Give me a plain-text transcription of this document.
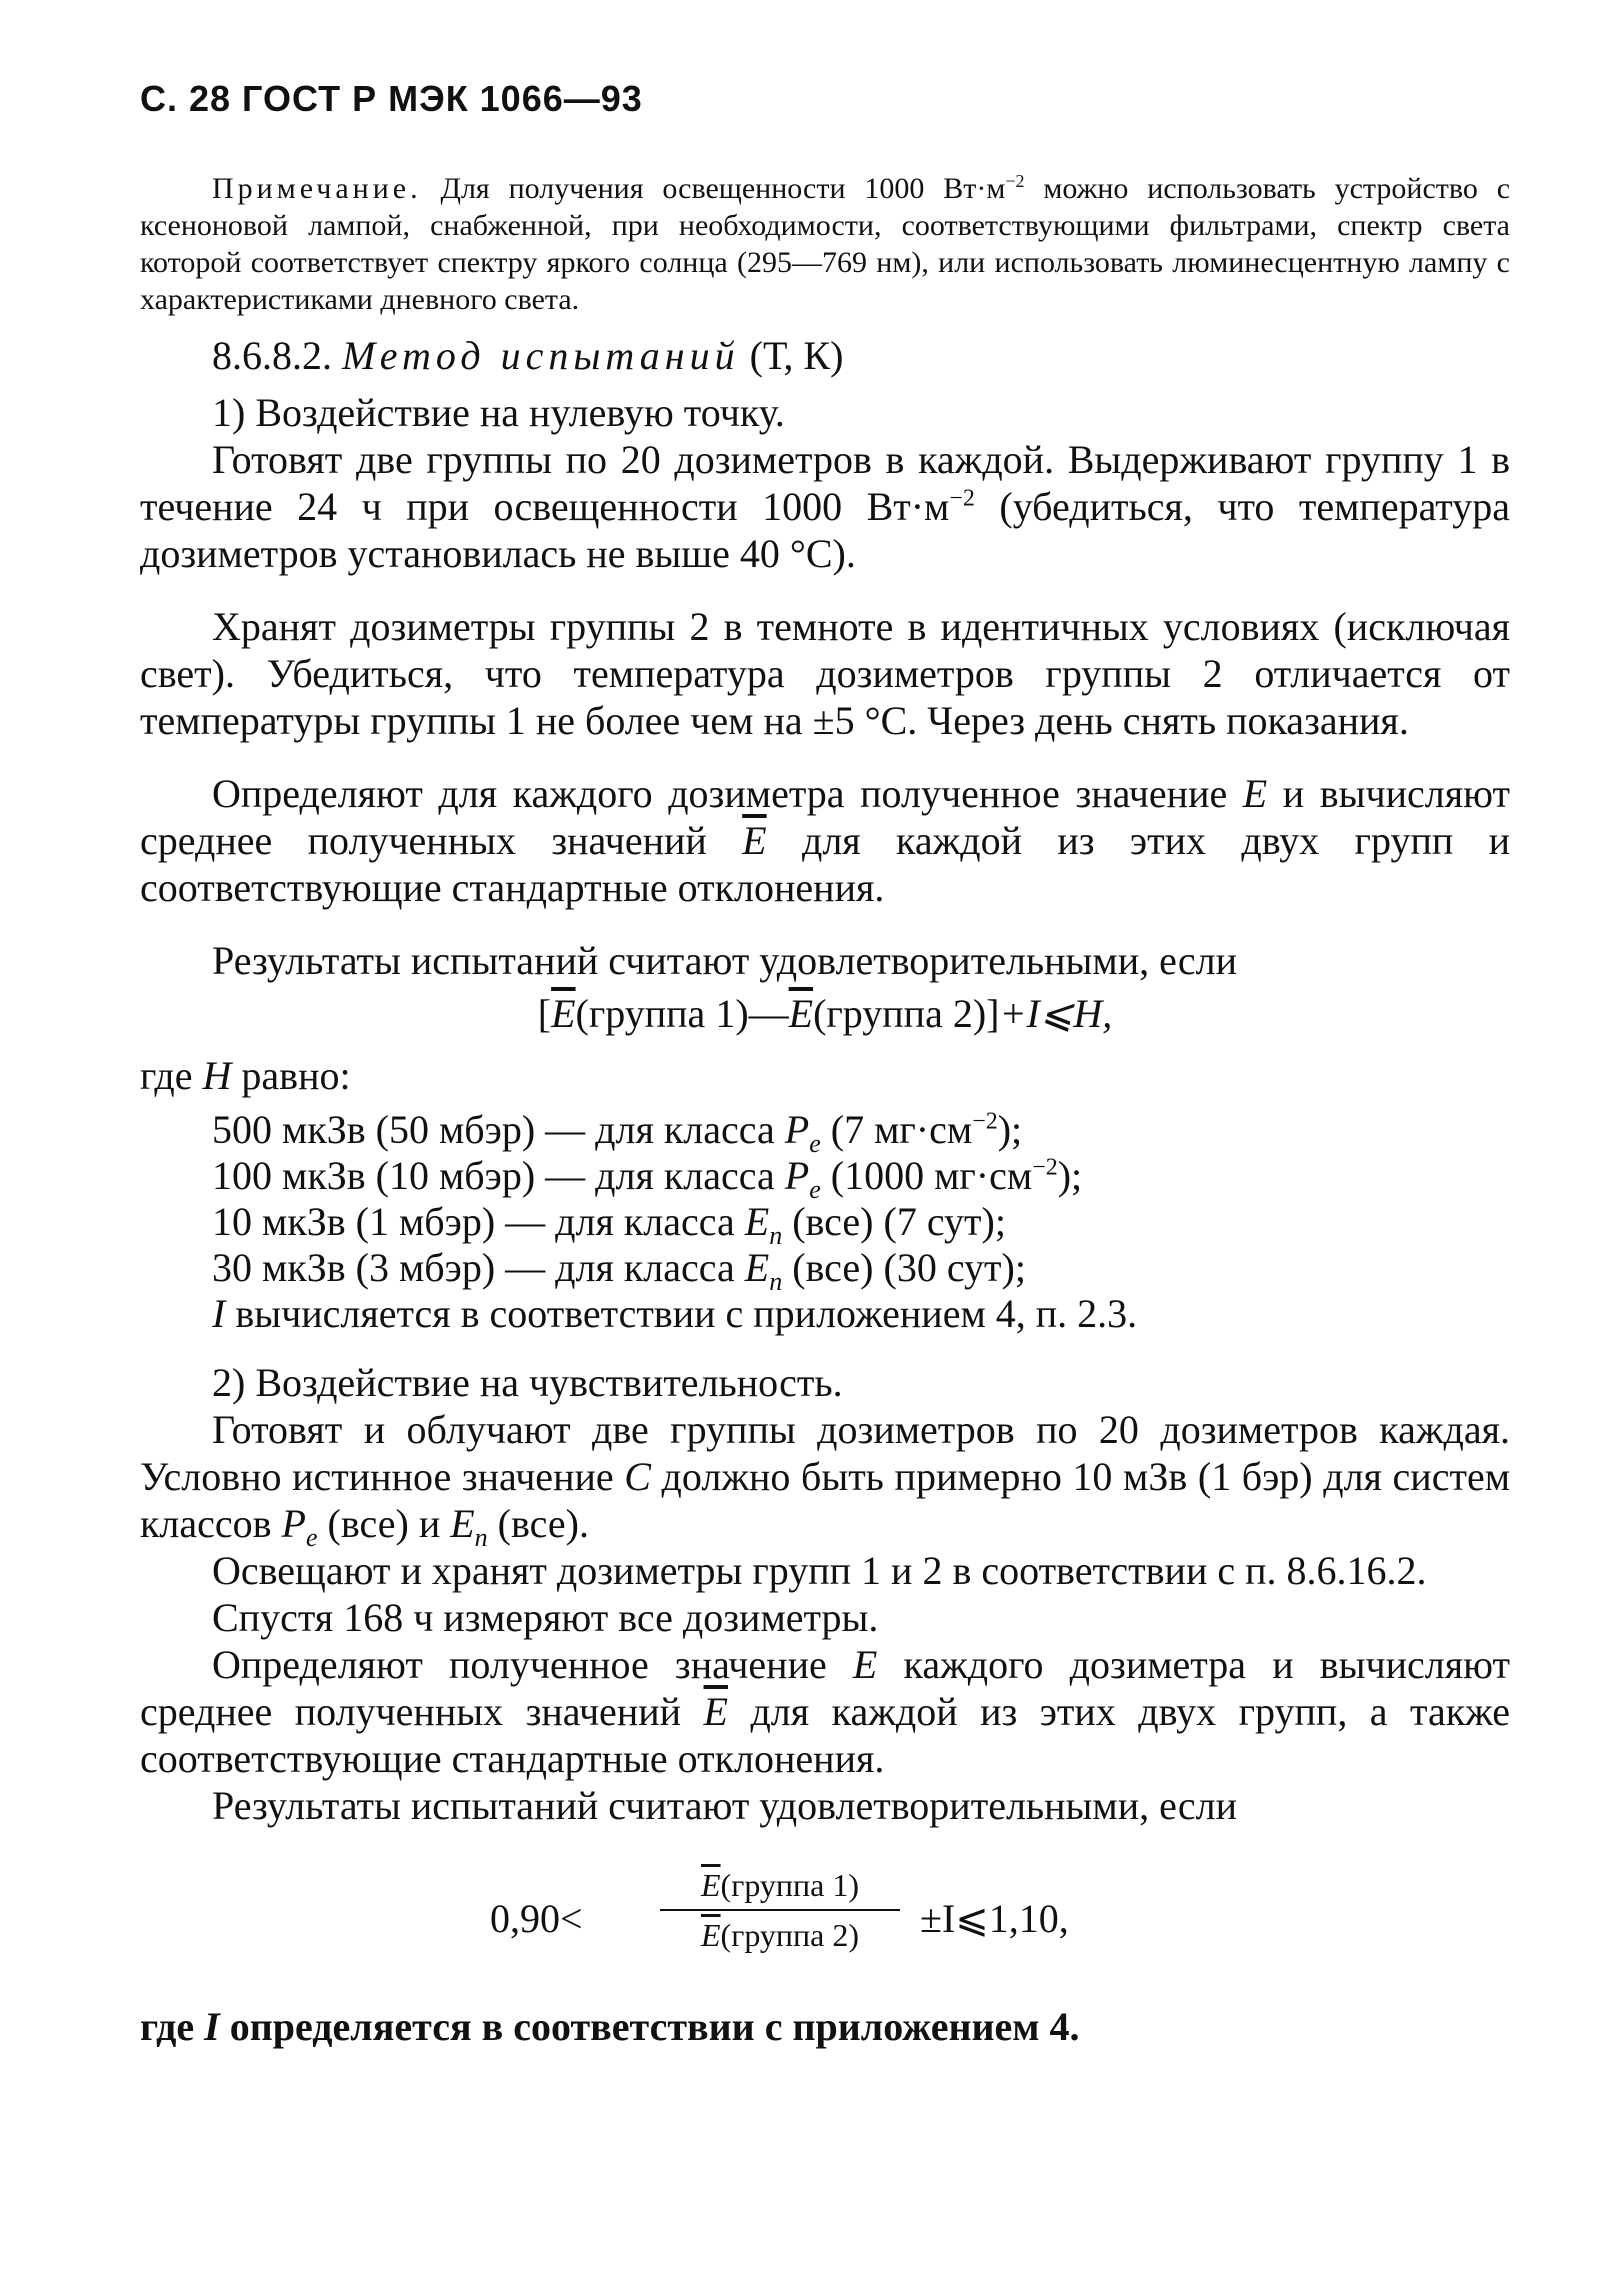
С. 28 ГОСТ Р МЭК 1066—93

Примечание. Для получения освещенности 1000 $Вт\cdot м^{-2}$ можно использовать устройство с ксеноновой лампой, снабженной, при необходимости, соответствующими фильтрами, спектр света которой соответствует спектру яркого солнца (295—769 нм), или использовать люминесцентную лампу с характеристиками дневного света.

8.6.8.2. Метод испытаний (Т, К)

1) Воздействие на нулевую точку.

Готовят две группы по 20 дозиметров в каждой. Выдерживают группу 1 в течение 24 ч при освещенности 1000 $Вт\cdot м^{-2}$ (убедиться, что температура дозиметров установилась не выше 40 °С).

Хранят дозиметры группы 2 в темноте в идентичных условиях (исключая свет). Убедиться, что температура дозиметров группы 2 отличается от температуры группы 1 не более чем на ±5 °С. Через день снять показания.

Определяют для каждого дозиметра полученное значение E и вычисляют среднее полученных значений $\overline{E}$ для каждой из этих двух групп и соответствующие стандартные отклонения.

Результаты испытаний считают удовлетворительными, если

[$\overline{E}(группа$ $1)—\overline{E}(группа$ 2)]+I⩽H,

где H равно:

500 мкЗв (50 мбэр) — для класса $P_e$ (7 $мг\cdot см^{-2}$);

100 мкЗв (10 мбэр) — для класса $P_e$ (1000 $мг\cdot см^{-2}$);

10 мкЗв (1 мбэр) — для класса $E_n$ (все) (7 сут);

30 мкЗв (3 мбэр) — для класса $E_n$ (все) (30 сут);

I вычисляется в соответствии с приложением 4, п. 2.3.

2) Воздействие на чувствительность.

Готовят и облучают две группы дозиметров по 20 дозиметров каждая. Условно истинное значение C должно быть примерно 10 мЗв (1 бэр) для систем классов $P_e$ (все) и $E_n$ (все).

Освещают и хранят дозиметры групп 1 и 2 в соответствии с п. 8.6.16.2.

Спустя 168 ч измеряют все дозиметры.

Определяют полученное значение E каждого дозиметра и вычисляют среднее полученных значений $\overline{E}$ для каждой из этих двух групп, а также соответствующие стандартные отклонения.

Результаты испытаний считают удовлетворительными, если

0,90<
$\overline{E}(группа$ 1)
$\overline{E}(группа$ 2)	±I⩽1,10,

где I определяется в соответствии с приложением 4.
